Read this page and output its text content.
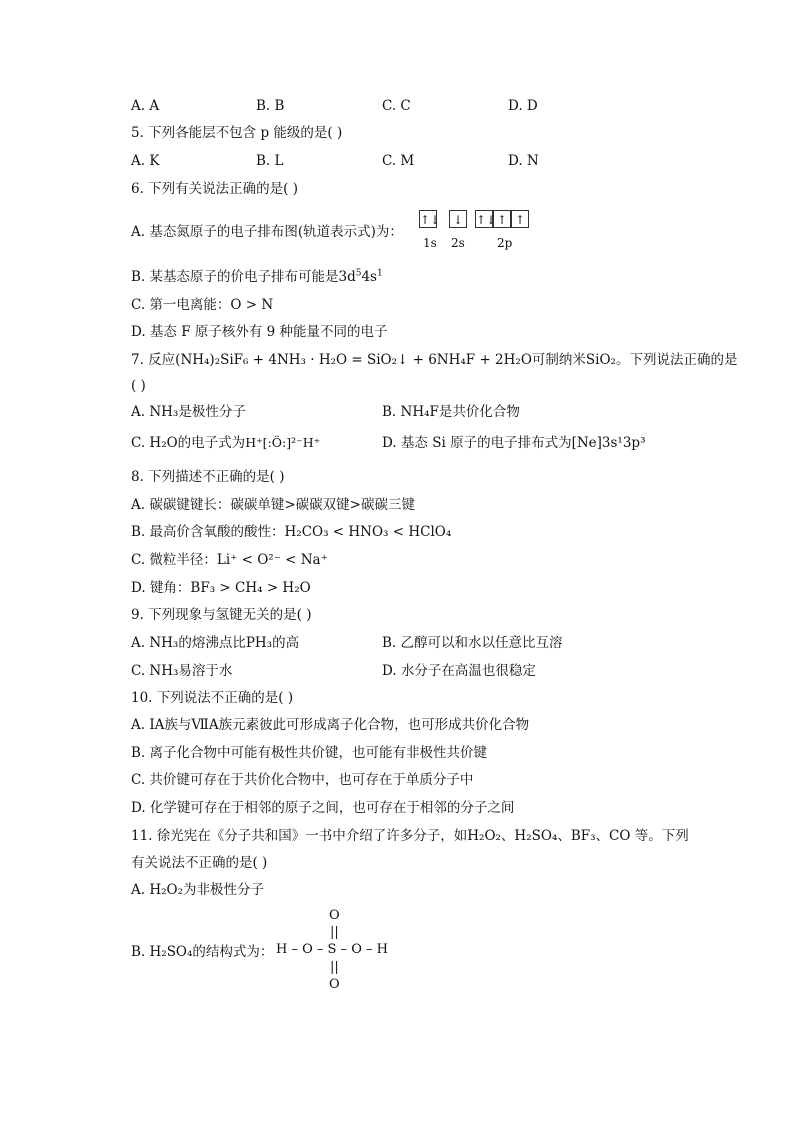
A. A	B. B	C. C	D. D
5. 下列各能层不包含 p 能级的是( )
A. K	B. L	C. M	D. N
6. 下列有关说法正确的是( )
A. 基态氮原子的电子排布图(轨道表示式)为：
↑↓	↓	↑↓ ↑ ↑
1s 2s	2p
B. 某基态原子的价电子排布可能是$3d^54s^1$
C. 第一电离能：O > N
D. 基态 F 原子核外有 9 种能量不同的电子
7. 反应(NH₄)₂SiF₆ + 4NH₃ · H₂O = SiO₂↓ + 6NH₄F + 2H₂O可制纳米SiO₂。下列说法正确的是
( )
A. NH₃是极性分子	B. NH₄F是共价化合物
C. H₂O的电子式为H⁺[:Ö:]²⁻H⁺	D. 基态 Si 原子的电子排布式为[Ne]3s¹3p³
8. 下列描述不正确的是( )
A. 碳碳键键长：碳碳单键>碳碳双键>碳碳三键
B. 最高价含氧酸的酸性：H₂CO₃ < HNO₃ < HClO₄
C. 微粒半径：Li⁺ < O²⁻ < Na⁺
D. 键角：BF₃ > CH₄ > H₂O
9. 下列现象与氢键无关的是( )
A. NH₃的熔沸点比PH₃的高	B. 乙醇可以和水以任意比互溶
C. NH₃易溶于水	D. 水分子在高温也很稳定
10. 下列说法不正确的是( )
A. ⅠA族与ⅦA族元素彼此可形成离子化合物，也可形成共价化合物
B. 离子化合物中可能有极性共价键，也可能有非极性共价键
C. 共价键可存在于共价化合物中，也可存在于单质分子中
D. 化学键可存在于相邻的原子之间，也可存在于相邻的分子之间
11. 徐光宪在《分子共和国》一书中介绍了许多分子，如H₂O₂、H₂SO₄、BF₃、CO 等。下列
有关说法不正确的是( )
A. H₂O₂为非极性分子
B. H₂SO₄的结构式为：
O
||
H – O – S – O – H
||
O
